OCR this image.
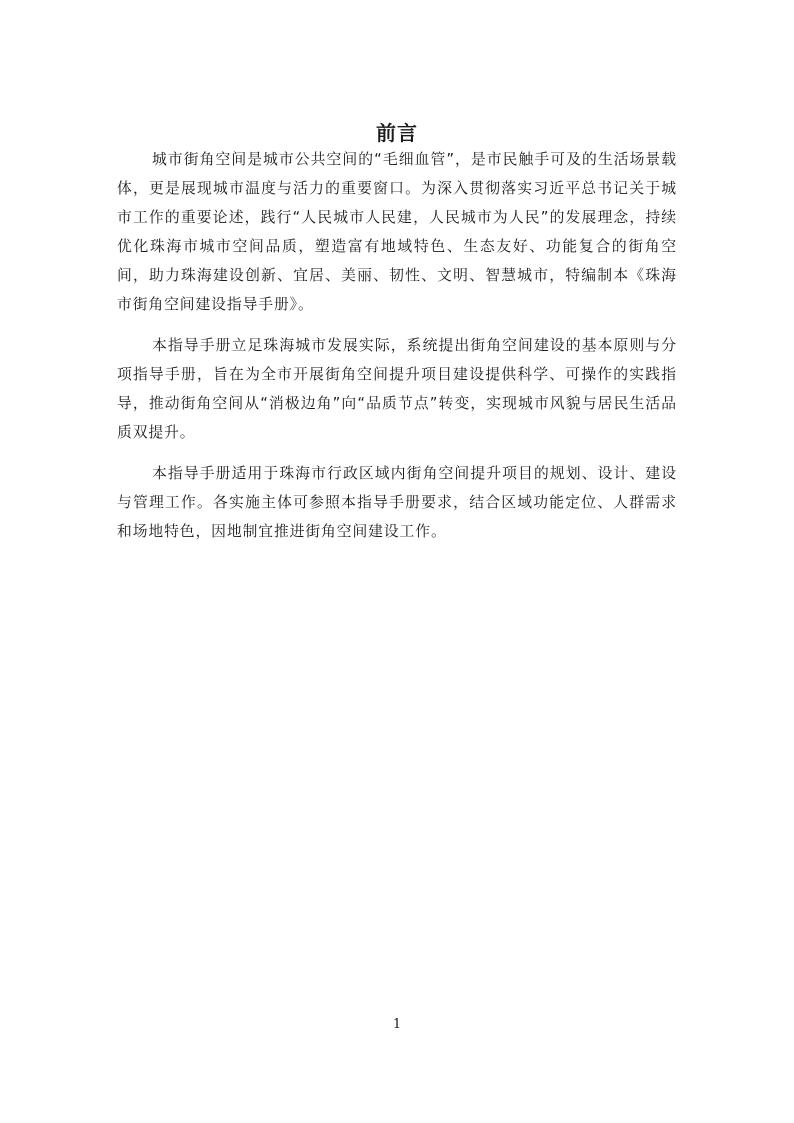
前言

城市街角空间是城市公共空间的“毛细血管”，是市民触手可及的生活场景载体，更是展现城市温度与活力的重要窗口。为深入贯彻落实习近平总书记关于城市工作的重要论述，践行“人民城市人民建，人民城市为人民”的发展理念，持续优化珠海市城市空间品质，塑造富有地域特色、生态友好、功能复合的街角空间，助力珠海建设创新、宜居、美丽、韧性、文明、智慧城市，特编制本《珠海市街角空间建设指导手册》。

本指导手册立足珠海城市发展实际，系统提出街角空间建设的基本原则与分项指导手册，旨在为全市开展街角空间提升项目建设提供科学、可操作的实践指导，推动街角空间从“消极边角”向“品质节点”转变，实现城市风貌与居民生活品质双提升。

本指导手册适用于珠海市行政区域内街角空间提升项目的规划、设计、建设与管理工作。各实施主体可参照本指导手册要求，结合区域功能定位、人群需求和场地特色，因地制宜推进街角空间建设工作。

1
